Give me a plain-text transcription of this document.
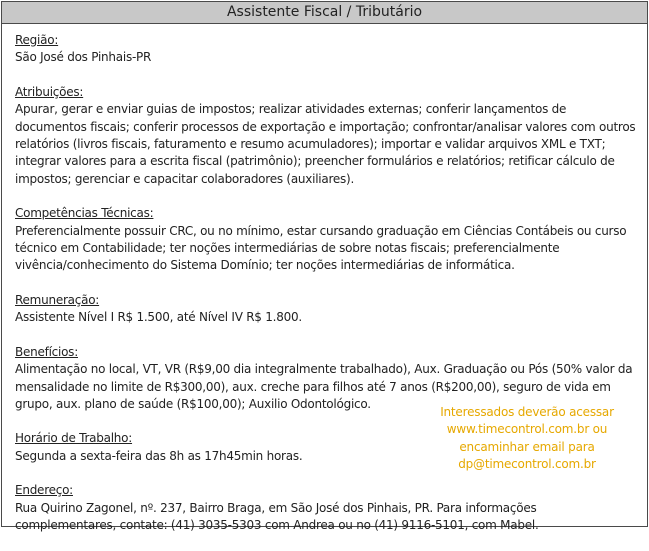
Assistente Fiscal / Tributário
Região:

São José dos Pinhais-PR

Atribuições:

Apurar, gerar e enviar guias de impostos; realizar atividades externas; conferir lançamentos de documentos fiscais; conferir processos de exportação e importação; confrontar/analisar valores com outros relatórios (livros fiscais, faturamento e resumo acumuladores); importar e validar arquivos XML e TXT; integrar valores para a escrita fiscal (patrimônio); preencher formulários e relatórios; retificar cálculo de impostos; gerenciar e capacitar colaboradores (auxiliares).

Competências Técnicas:

Preferencialmente possuir CRC, ou no mínimo, estar cursando graduação em Ciências Contábeis ou curso técnico em Contabilidade; ter noções intermediárias de sobre notas fiscais; preferencialmente vivência/conhecimento do Sistema Domínio; ter noções intermediárias de informática.

Remuneração:

Assistente Nível I R$ 1.500, até Nível IV R$ 1.800.

Benefícios:

Alimentação no local, VT, VR (R$9,00 dia integralmente trabalhado), Aux. Graduação ou Pós (50% valor da mensalidade no limite de R$300,00), aux. creche para filhos até 7 anos (R$200,00), seguro de vida em grupo, aux. plano de saúde (R$100,00); Auxilio Odontológico.

Horário de Trabalho:

Segunda a sexta-feira das 8h as 17h45min horas.

Endereço:

Rua Quirino Zagonel, nº. 237, Bairro Braga, em São José dos Pinhais, PR. Para informações complementares, contate: (41) 3035-5303 com Andrea ou no (41) 9116-5101, com Mabel.

Interessados deverão acessar
www.timecontrol.com.br ou
encaminhar email para
dp@timecontrol.com.br
